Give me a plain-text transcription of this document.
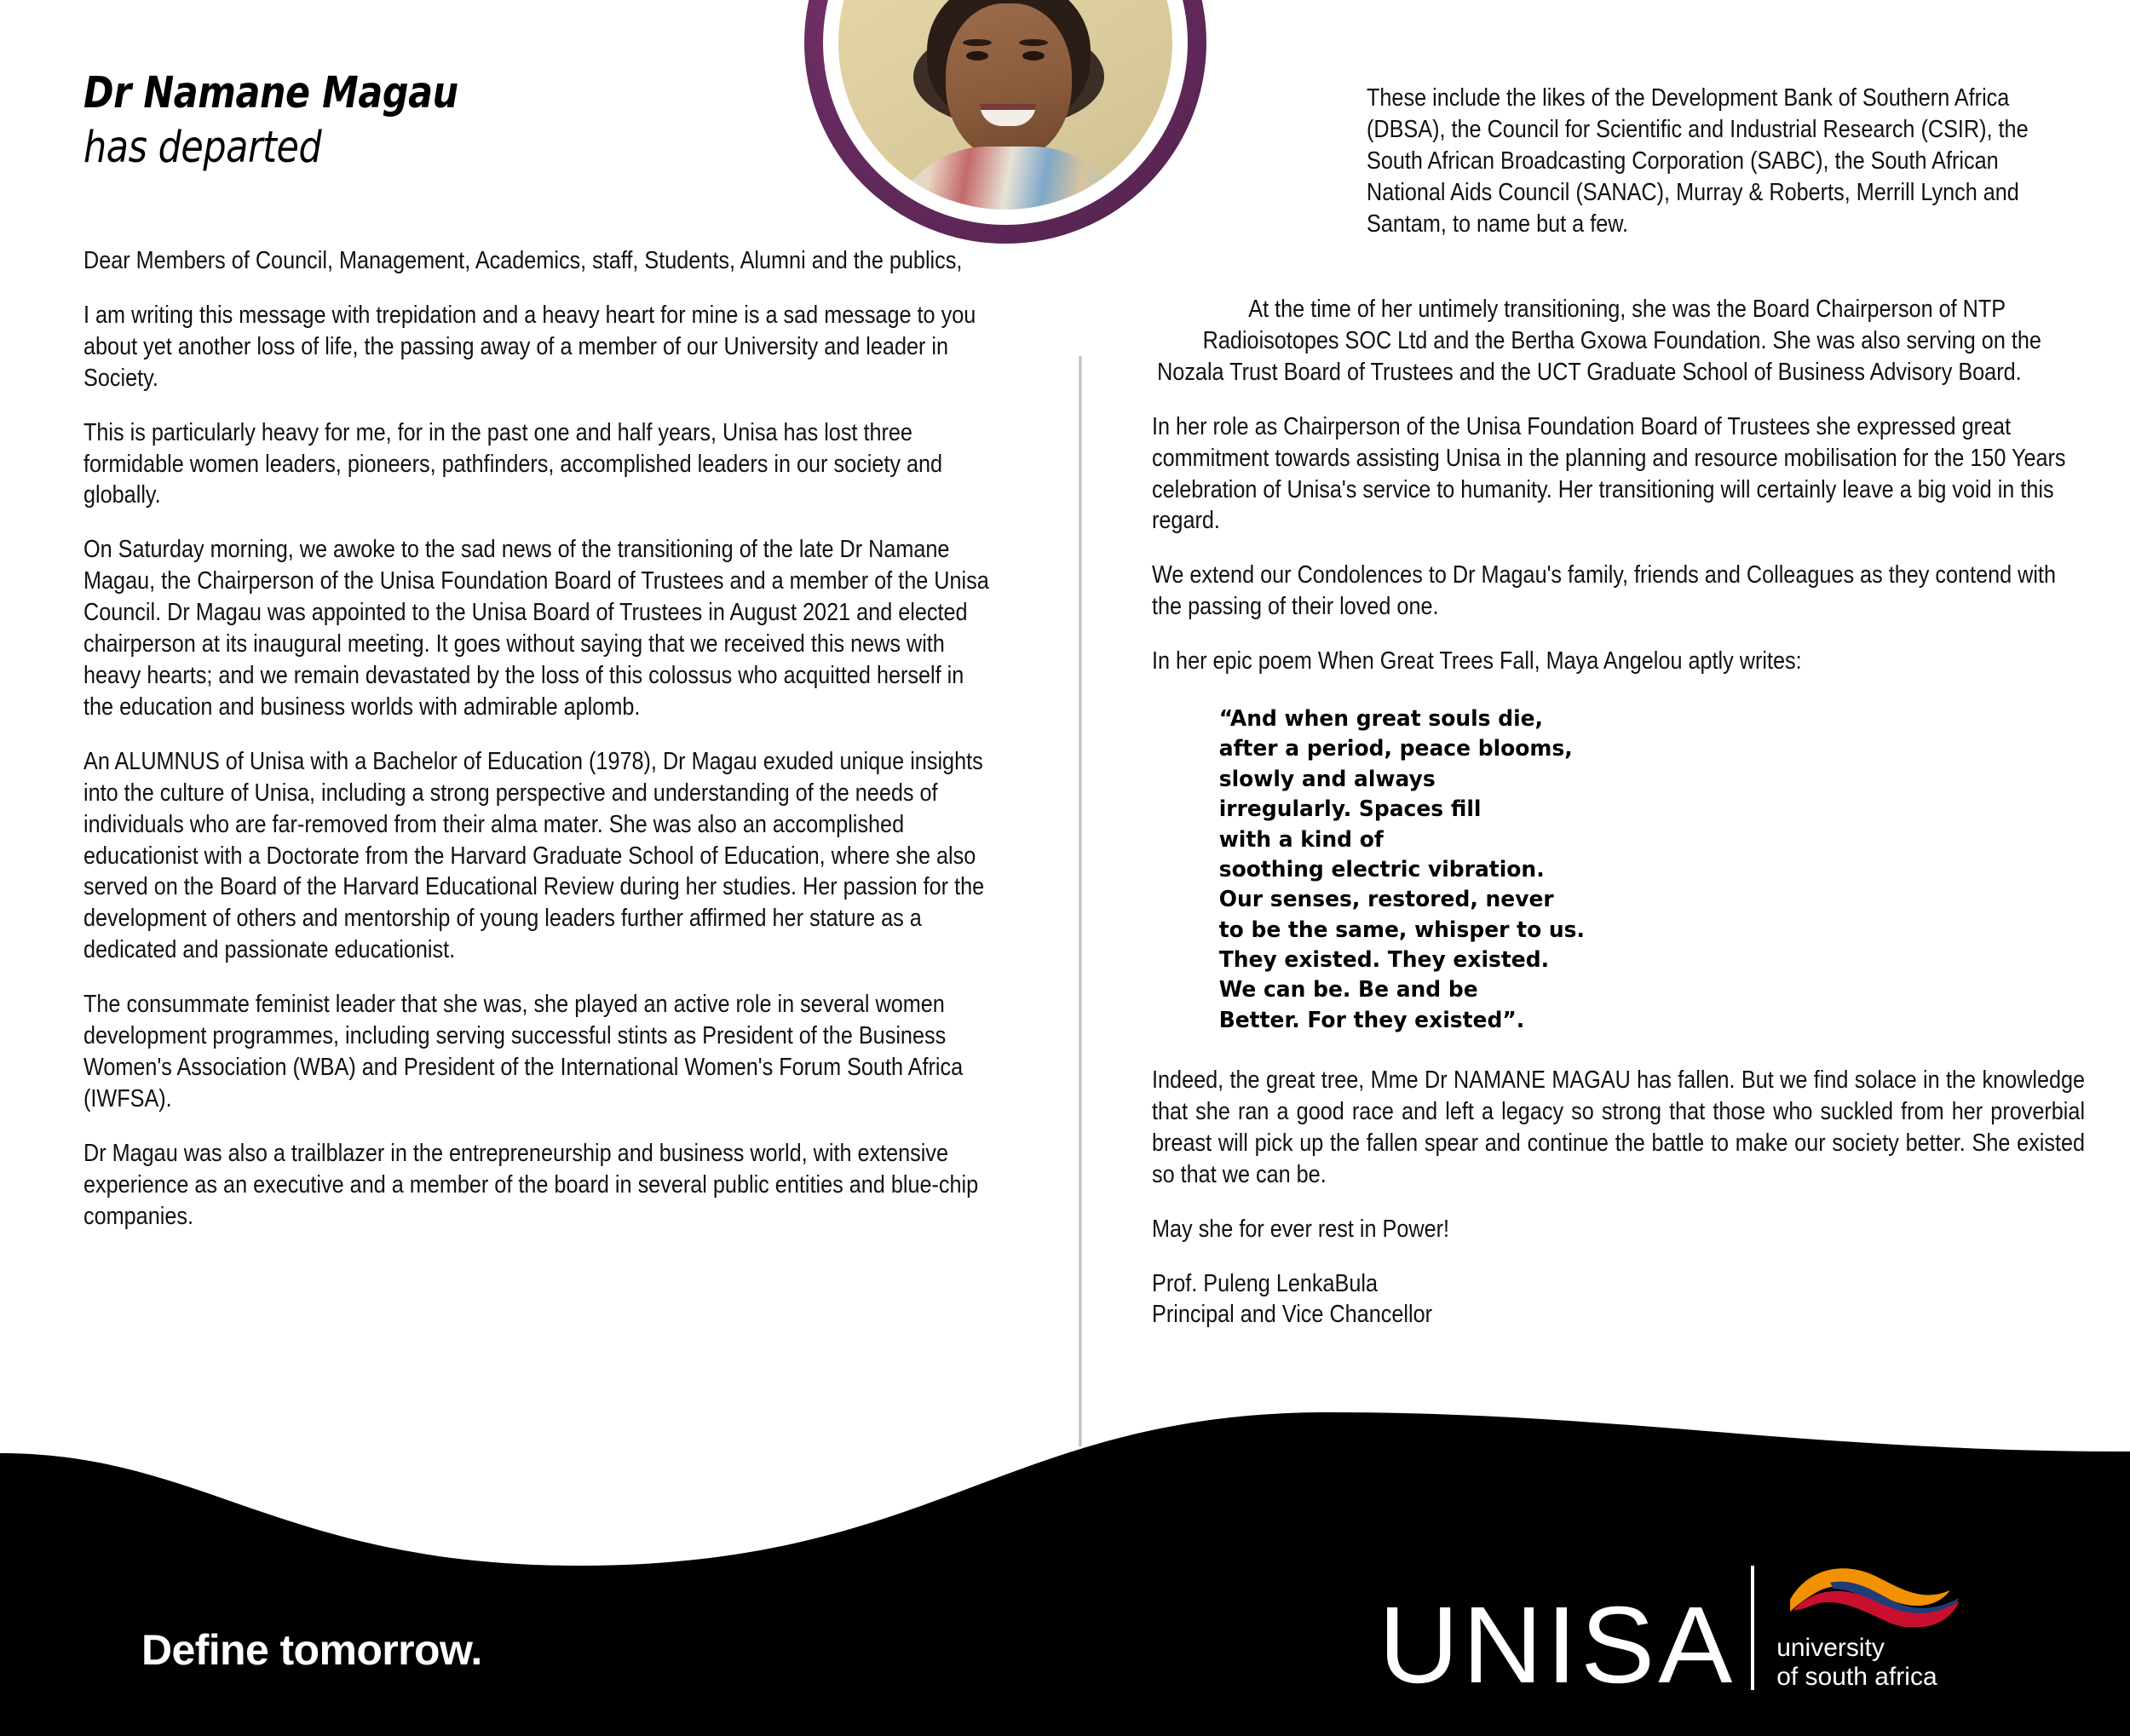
Dr Namane Magau
has departed

Dear Members of Council, Management, Academics, staff, Students, Alumni and the publics,

I am writing this message with trepidation and a heavy heart for mine is a sad message to you about yet another loss of life, the passing away of a member of our University and leader in Society.

This is particularly heavy for me, for in the past one and half years, Unisa has lost three formidable women leaders, pioneers, pathfinders, accomplished leaders in our society and globally.

On Saturday morning, we awoke to the sad news of the transitioning of the late Dr Namane Magau, the Chairperson of the Unisa Foundation Board of Trustees and a member of the Unisa Council. Dr Magau was appointed to the Unisa Board of Trustees in August 2021 and elected chairperson at its inaugural meeting. It goes without saying that we received this news with heavy hearts; and we remain devastated by the loss of this colossus who acquitted herself in the education and business worlds with admirable aplomb.

An ALUMNUS of Unisa with a Bachelor of Education (1978), Dr Magau exuded unique insights into the culture of Unisa, including a strong perspective and understanding of the needs of individuals who are far-removed from their alma mater. She was also an accomplished educationist with a Doctorate from the Harvard Graduate School of Education, where she also served on the Board of the Harvard Educational Review during her studies. Her passion for the development of others and mentorship of young leaders further affirmed her stature as a dedicated and passionate educationist.

The consummate feminist leader that she was, she played an active role in several women development programmes, including serving successful stints as President of the Business Women's Association (WBA) and President of the International Women's Forum South Africa (IWFSA).

Dr Magau was also a trailblazer in the entrepreneurship and business world, with extensive experience as an executive and a member of the board in several public entities and blue-chip companies.

These include the likes of the Development Bank of Southern Africa (DBSA), the Council for Scientific and Industrial Research (CSIR), the South African Broadcasting Corporation (SABC), the South African National Aids Council (SANAC), Murray & Roberts, Merrill Lynch and Santam, to name but a few.

At the time of her untimely transitioning, she was the Board Chairperson of NTP Radioisotopes SOC Ltd and the Bertha Gxowa Foundation. She was also serving on the Nozala Trust Board of Trustees and the UCT Graduate School of Business Advisory Board.

In her role as Chairperson of the Unisa Foundation Board of Trustees she expressed great commitment towards assisting Unisa in the planning and resource mobilisation for the 150 Years celebration of Unisa's service to humanity. Her transitioning will certainly leave a big void in this regard.

We extend our Condolences to Dr Magau's family, friends and Colleagues as they contend with the passing of their loved one.

In her epic poem When Great Trees Fall, Maya Angelou aptly writes:

“And when great souls die,
after a period, peace blooms,
slowly and always
irregularly. Spaces fill
with a kind of
soothing electric vibration.
Our senses, restored, never
to be the same, whisper to us.
They existed. They existed.
We can be. Be and be
Better. For they existed”.

Indeed, the great tree, Mme Dr NAMANE MAGAU has fallen. But we find solace in the knowledge that she ran a good race and left a legacy so strong that those who suckled from her proverbial breast will pick up the fallen spear and continue the battle to make our society better. She existed so that we can be.

May she for ever rest in Power!

Prof. Puleng LenkaBula
Principal and Vice Chancellor

Define tomorrow.	UNISA university
of south africa
